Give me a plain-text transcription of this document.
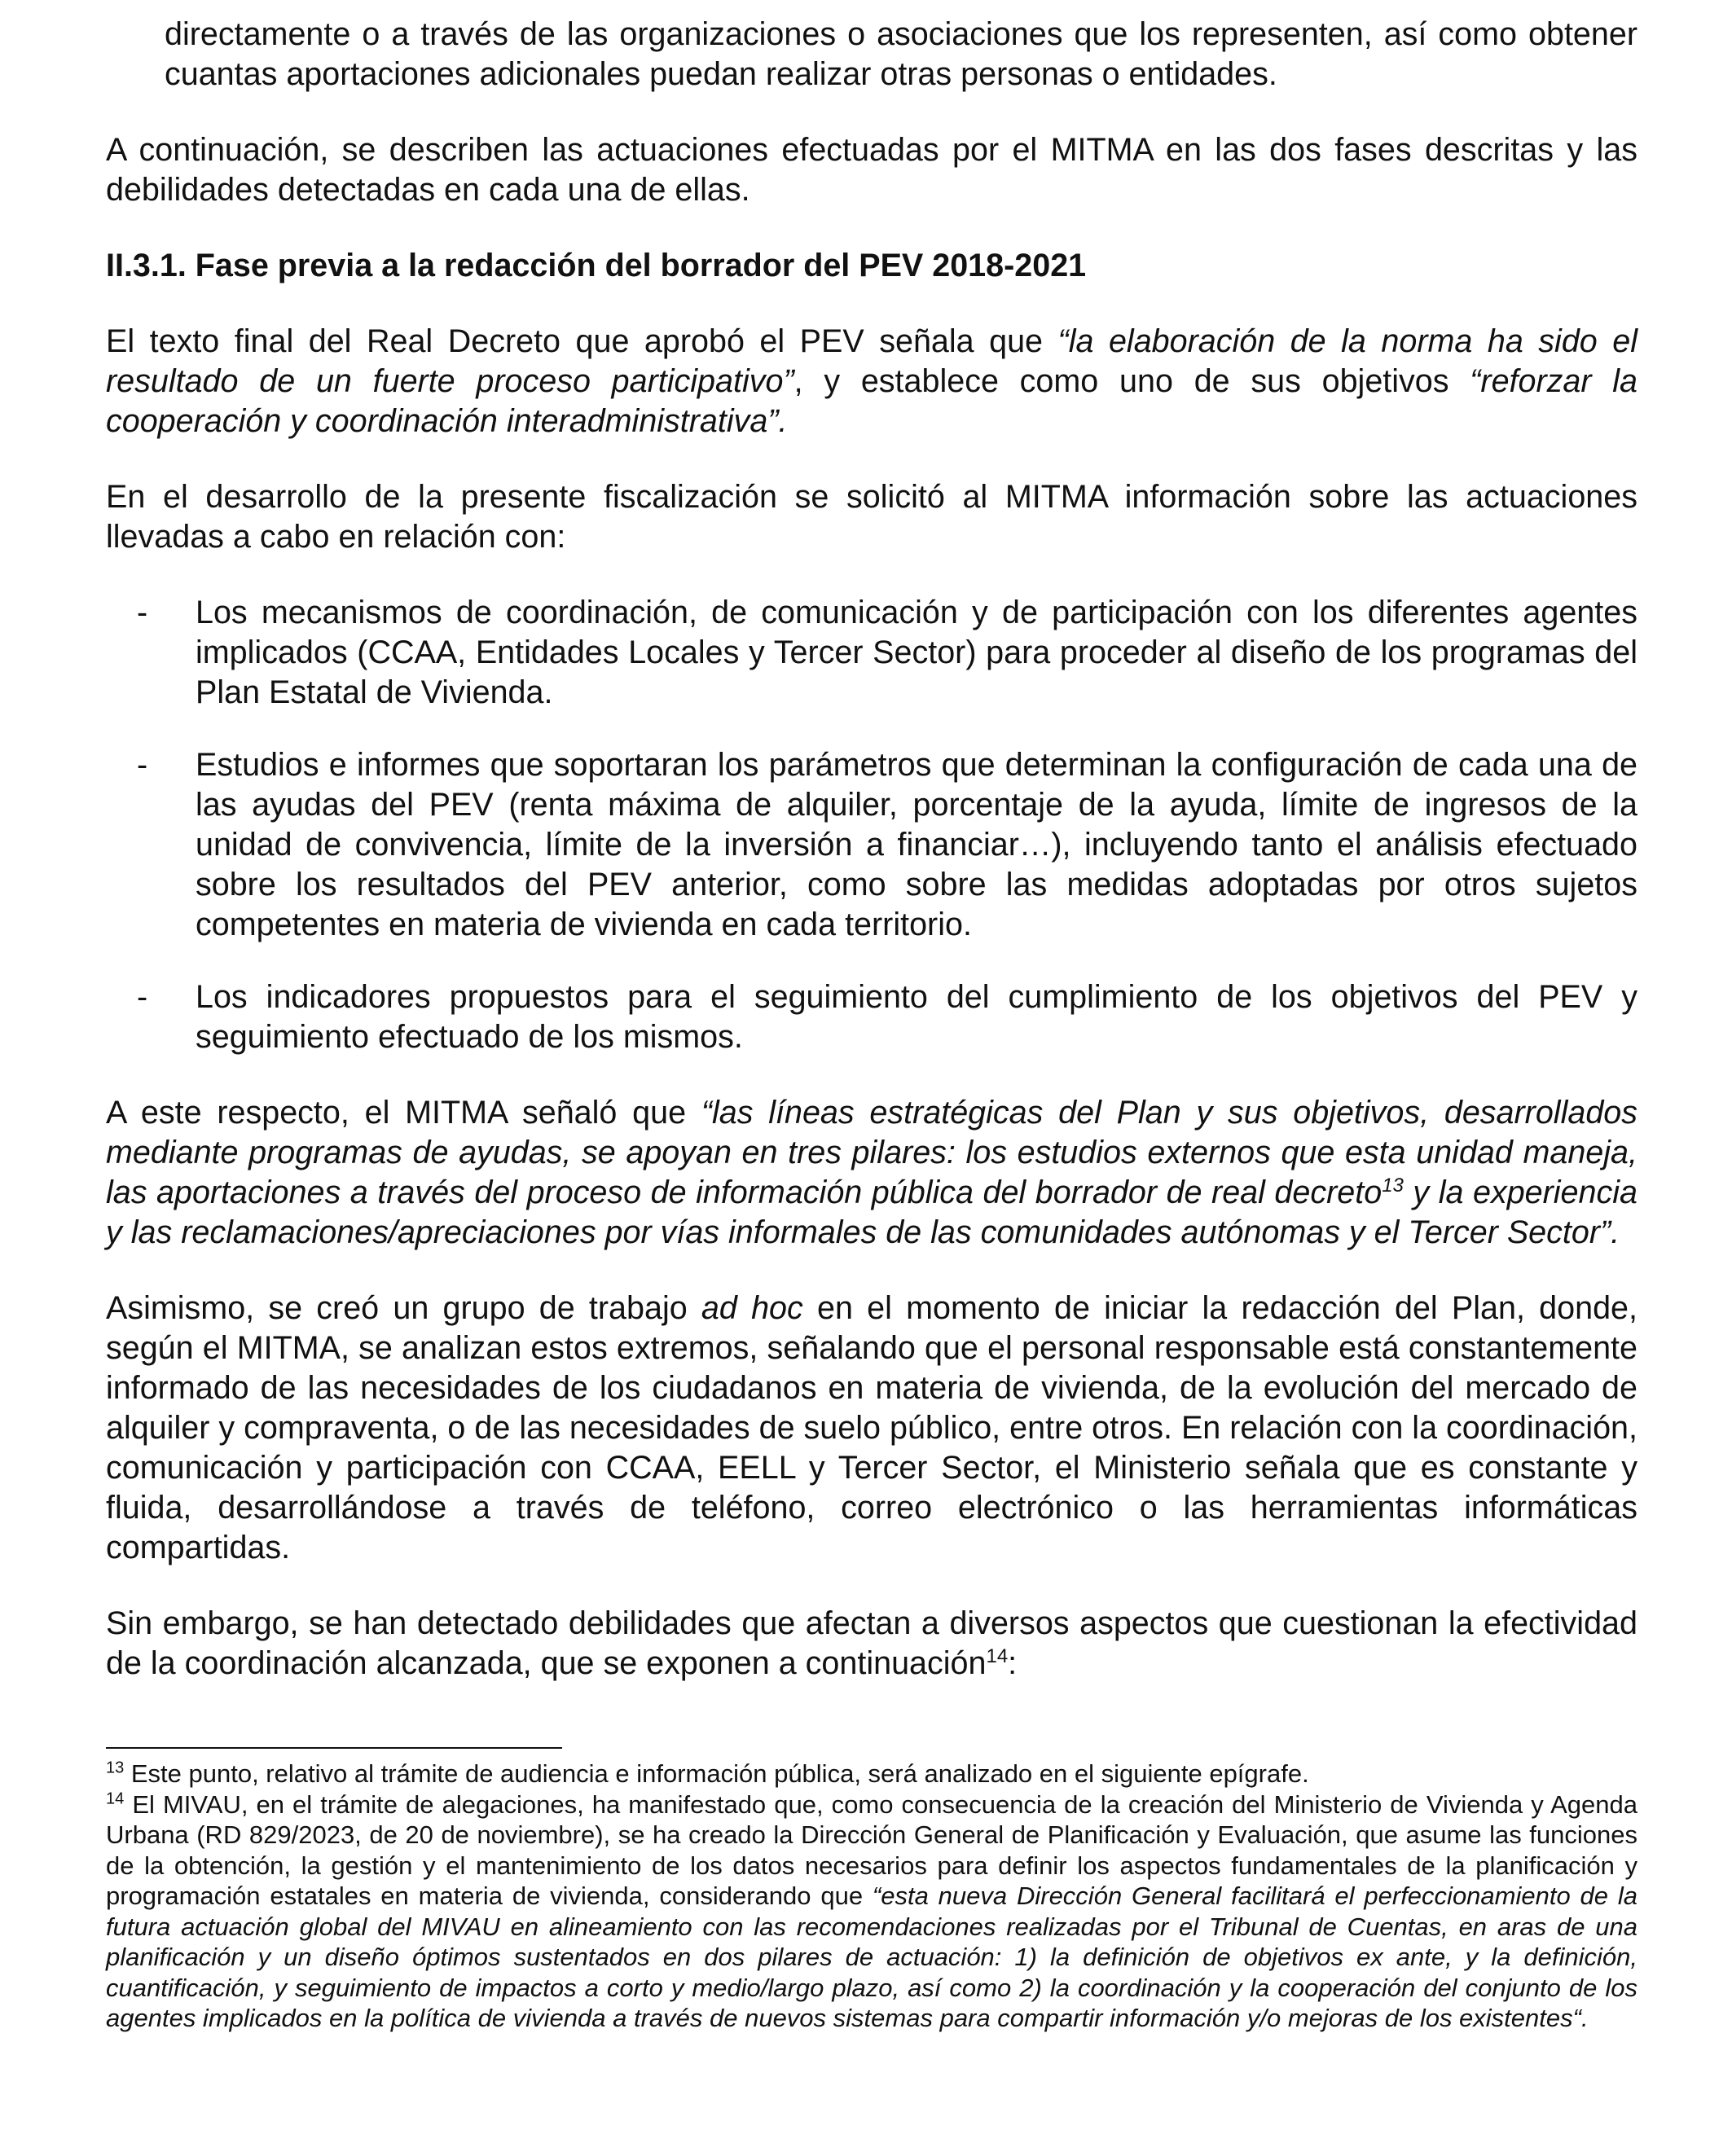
directamente o a través de las organizaciones o asociaciones que los representen, así como obtener cuantas aportaciones adicionales puedan realizar otras personas o entidades.

A continuación, se describen las actuaciones efectuadas por el MITMA en las dos fases descritas y las debilidades detectadas en cada una de ellas.

II.3.1. Fase previa a la redacción del borrador del PEV 2018-2021

El texto final del Real Decreto que aprobó el PEV señala que “la elaboración de la norma ha sido el resultado de un fuerte proceso participativo”, y establece como uno de sus objetivos “reforzar la cooperación y coordinación interadministrativa”.

En el desarrollo de la presente fiscalización se solicitó al MITMA información sobre las actuaciones llevadas a cabo en relación con:

- Los mecanismos de coordinación, de comunicación y de participación con los diferentes agentes implicados (CCAA, Entidades Locales y Tercer Sector) para proceder al diseño de los programas del Plan Estatal de Vivienda.
- Estudios e informes que soportaran los parámetros que determinan la configuración de cada una de las ayudas del PEV (renta máxima de alquiler, porcentaje de la ayuda, límite de ingresos de la unidad de convivencia, límite de la inversión a financiar…), incluyendo tanto el análisis efectuado sobre los resultados del PEV anterior, como sobre las medidas adoptadas por otros sujetos competentes en materia de vivienda en cada territorio.
- Los indicadores propuestos para el seguimiento del cumplimiento de los objetivos del PEV y seguimiento efectuado de los mismos.

A este respecto, el MITMA señaló que “las líneas estratégicas del Plan y sus objetivos, desarrollados mediante programas de ayudas, se apoyan en tres pilares: los estudios externos que esta unidad maneja, las aportaciones a través del proceso de información pública del borrador de real decreto$^{13}$ y la experiencia y las reclamaciones/apreciaciones por vías informales de las comunidades autónomas y el Tercer Sector”.

Asimismo, se creó un grupo de trabajo ad hoc en el momento de iniciar la redacción del Plan, donde, según el MITMA, se analizan estos extremos, señalando que el personal responsable está constantemente informado de las necesidades de los ciudadanos en materia de vivienda, de la evolución del mercado de alquiler y compraventa, o de las necesidades de suelo público, entre otros. En relación con la coordinación, comunicación y participación con CCAA, EELL y Tercer Sector, el Ministerio señala que es constante y fluida, desarrollándose a través de teléfono, correo electrónico o las herramientas informáticas compartidas.

Sin embargo, se han detectado debilidades que afectan a diversos aspectos que cuestionan la efectividad de la coordinación alcanzada, que se exponen a continuación$^{14}$:

$^{13}$ Este punto, relativo al trámite de audiencia e información pública, será analizado en el siguiente epígrafe.

$^{14}$ El MIVAU, en el trámite de alegaciones, ha manifestado que, como consecuencia de la creación del Ministerio de Vivienda y Agenda Urbana (RD 829/2023, de 20 de noviembre), se ha creado la Dirección General de Planificación y Evaluación, que asume las funciones de la obtención, la gestión y el mantenimiento de los datos necesarios para definir los aspectos fundamentales de la planificación y programación estatales en materia de vivienda, considerando que “esta nueva Dirección General facilitará el perfeccionamiento de la futura actuación global del MIVAU en alineamiento con las recomendaciones realizadas por el Tribunal de Cuentas, en aras de una planificación y un diseño óptimos sustentados en dos pilares de actuación: 1) la definición de objetivos ex ante, y la definición, cuantificación, y seguimiento de impactos a corto y medio/largo plazo, así como 2) la coordinación y la cooperación del conjunto de los agentes implicados en la política de vivienda a través de nuevos sistemas para compartir información y/o mejoras de los existentes“.
